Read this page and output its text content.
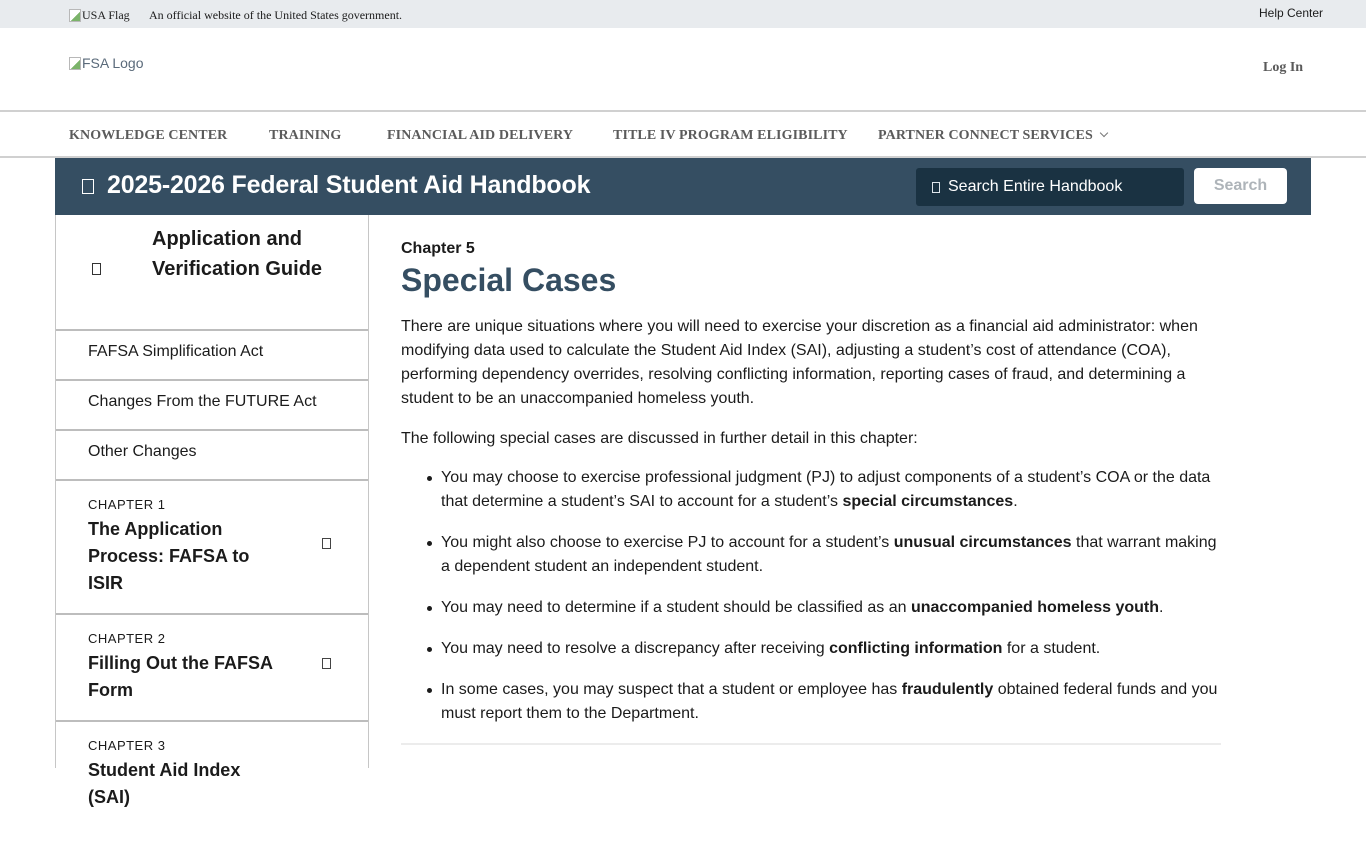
USA Flag An official website of the United States government.	Help Center
FSA Logo	Log In
KNOWLEDGE CENTER	TRAINING	FINANCIAL AID DELIVERY	TITLE IV PROGRAM ELIGIBILITY PARTNER CONNECT SERVICES
2025-2026 Federal Student Aid Handbook
Search Entire Handbook	Search
Application and Verification Guide
FAFSA Simplification Act
Changes From the FUTURE Act
Other Changes
CHAPTER 1
The Application Process: FAFSA to ISIR
CHAPTER 2
Filling Out the FAFSA Form
CHAPTER 3
Student Aid Index (SAI)
Chapter 5
Special Cases

There are unique situations where you will need to exercise your discretion as a financial aid administrator: when modifying data used to calculate the Student Aid Index (SAI), adjusting a student’s cost of attendance (COA), performing dependency overrides, resolving conflicting information, reporting cases of fraud, and determining a student to be an unaccompanied homeless youth.

The following special cases are discussed in further detail in this chapter:

You may choose to exercise professional judgment (PJ) to adjust components of a student’s COA or the data that determine a student’s SAI to account for a student’s special circumstances.
You might also choose to exercise PJ to account for a student’s unusual circumstances that warrant making a dependent student an independent student.
You may need to determine if a student should be classified as an unaccompanied homeless youth.
You may need to resolve a discrepancy after receiving conflicting information for a student.
In some cases, you may suspect that a student or employee has fraudulently obtained federal funds and you must report them to the Department.
